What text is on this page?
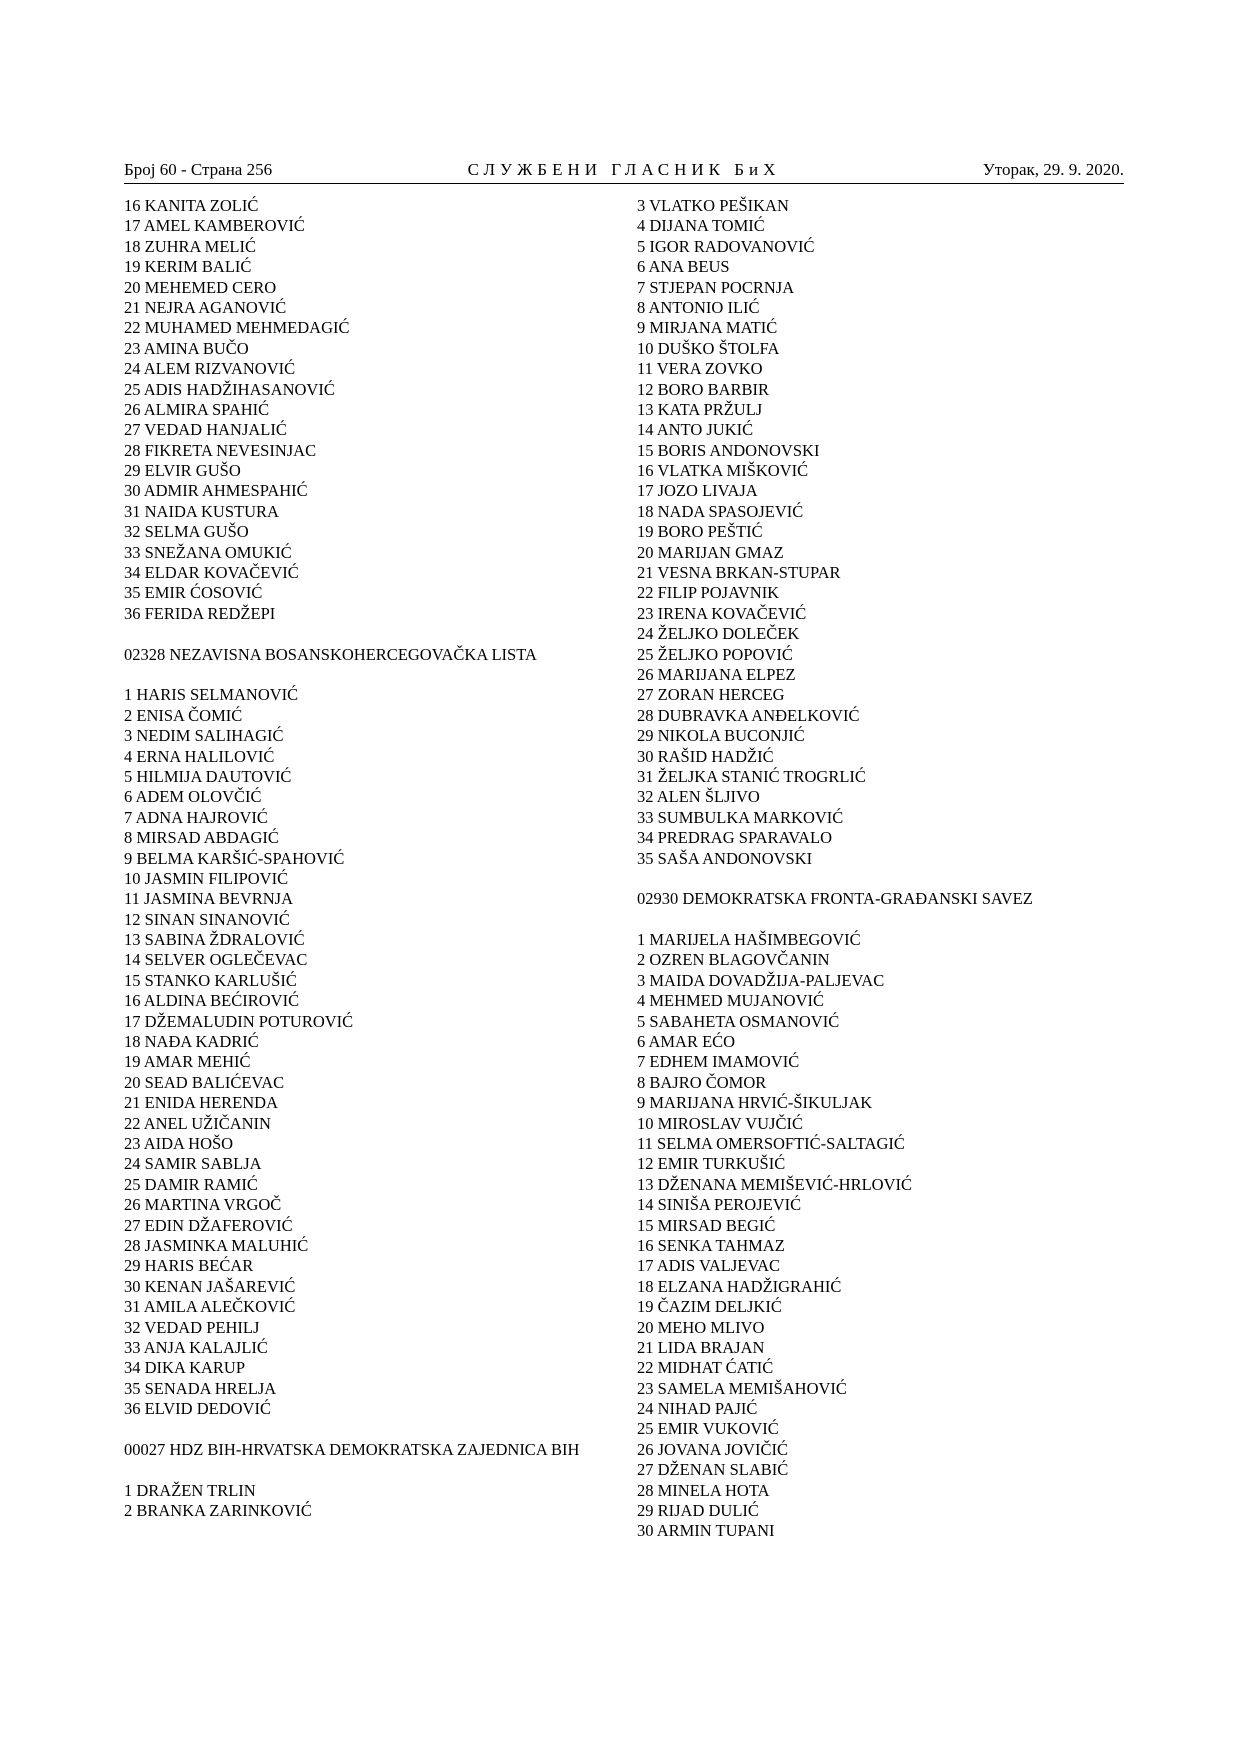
Број 60 - Страна 256	СЛУЖБЕНИ ГЛАСНИК БиХ	Уторак, 29. 9. 2020.
16 KANITA ZOLIĆ
17 AMEL KAMBEROVIĆ
18 ZUHRA MELIĆ
19 KERIM BALIĆ
20 MEHEMED CERO
21 NEJRA AGANOVIĆ
22 MUHAMED MEHMEDAGIĆ
23 AMINA BUČO
24 ALEM RIZVANOVIĆ
25 ADIS HADŽIHASANOVIĆ
26 ALMIRA SPAHIĆ
27 VEDAD HANJALIĆ
28 FIKRETA NEVESINJAC
29 ELVIR GUŠO
30 ADMIR AHMESPAHIĆ
31 NAIDA KUSTURA
32 SELMA GUŠO
33 SNEŽANA OMUKIĆ
34 ELDAR KOVAČEVIĆ
35 EMIR ĆOSOVIĆ
36 FERIDA REDŽEPI
02328 NEZAVISNA BOSANSKOHERCEGOVAČKA LISTA
1 HARIS SELMANOVIĆ
2 ENISA ČOMIĆ
3 NEDIM SALIHAGIĆ
4 ERNA HALILOVIĆ
5 HILMIJA DAUTOVIĆ
6 ADEM OLOVČIĆ
7 ADNA HAJROVIĆ
8 MIRSAD ABDAGIĆ
9 BELMA KARŠIĆ-SPAHOVIĆ
10 JASMIN FILIPOVIĆ
11 JASMINA BEVRNJA
12 SINAN SINANOVIĆ
13 SABINA ŽDRALOVIĆ
14 SELVER OGLEČEVAC
15 STANKO KARLUŠIĆ
16 ALDINA BEĆIROVIĆ
17 DŽEMALUDIN POTUROVIĆ
18 NAĐA KADRIĆ
19 AMAR MEHIĆ
20 SEAD BALIĆEVAC
21 ENIDA HERENDA
22 ANEL UŽIČANIN
23 AIDA HOŠO
24 SAMIR SABLJA
25 DAMIR RAMIĆ
26 MARTINA VRGOČ
27 EDIN DŽAFEROVIĆ
28 JASMINKA MALUHIĆ
29 HARIS BEĆAR
30 KENAN JAŠAREVIĆ
31 AMILA ALEČKOVIĆ
32 VEDAD PEHILJ
33 ANJA KALAJLIĆ
34 DIKA KARUP
35 SENADA HRELJA
36 ELVID DEDOVIĆ
00027 HDZ BIH-HRVATSKA DEMOKRATSKA ZAJEDNICA BIH
1 DRAŽEN TRLIN
2 BRANKA ZARINKOVIĆ
3 VLATKO PEŠIKAN
4 DIJANA TOMIĆ
5 IGOR RADOVANOVIĆ
6 ANA BEUS
7 STJEPAN POCRNJA
8 ANTONIO ILIĆ
9 MIRJANA MATIĆ
10 DUŠKO ŠTOLFA
11 VERA ZOVKO
12 BORO BARBIR
13 KATA PRŽULJ
14 ANTO JUKIĆ
15 BORIS ANDONOVSKI
16 VLATKA MIŠKOVIĆ
17 JOZO LIVAJA
18 NADA SPASOJEVIĆ
19 BORO PEŠTIĆ
20 MARIJAN GMAZ
21 VESNA BRKAN-STUPAR
22 FILIP POJAVNIK
23 IRENA KOVAČEVIĆ
24 ŽELJKO DOLEČEK
25 ŽELJKO POPOVIĆ
26 MARIJANA ELPEZ
27 ZORAN HERCEG
28 DUBRAVKA ANĐELKOVIĆ
29 NIKOLA BUCONJIĆ
30 RAŠID HADŽIĆ
31 ŽELJKA STANIĆ TROGRLIĆ
32 ALEN ŠLJIVO
33 SUMBULKA MARKOVIĆ
34 PREDRAG SPARAVALO
35 SAŠA ANDONOVSKI
02930 DEMOKRATSKA FRONTA-GRAĐANSKI SAVEZ
1 MARIJELA HAŠIMBEGOVIĆ
2 OZREN BLAGOVČANIN
3 MAIDA DOVADŽIJA-PALJEVAC
4 MEHMED MUJANOVIĆ
5 SABAHETA OSMANOVIĆ
6 AMAR EĆO
7 EDHEM IMAMOVIĆ
8 BAJRO ČOMOR
9 MARIJANA HRVIĆ-ŠIKULJAK
10 MIROSLAV VUJČIĆ
11 SELMA OMERSOFTIĆ-SALTAGIĆ
12 EMIR TURKUŠIĆ
13 DŽENANA MEMIŠEVIĆ-HRLOVIĆ
14 SINIŠA PEROJEVIĆ
15 MIRSAD BEGIĆ
16 SENKA TAHMAZ
17 ADIS VALJEVAC
18 ELZANA HADŽIGRAHIĆ
19 ČAZIM DELJKIĆ
20 MEHO MLIVO
21 LIDA BRAJAN
22 MIDHAT ĆATIĆ
23 SAMELA MEMIŠAHOVIĆ
24 NIHAD PAJIĆ
25 EMIR VUKOVIĆ
26 JOVANA JOVIČIĆ
27 DŽENAN SLABIĆ
28 MINELA HOTA
29 RIJAD DULIĆ
30 ARMIN TUPANI
